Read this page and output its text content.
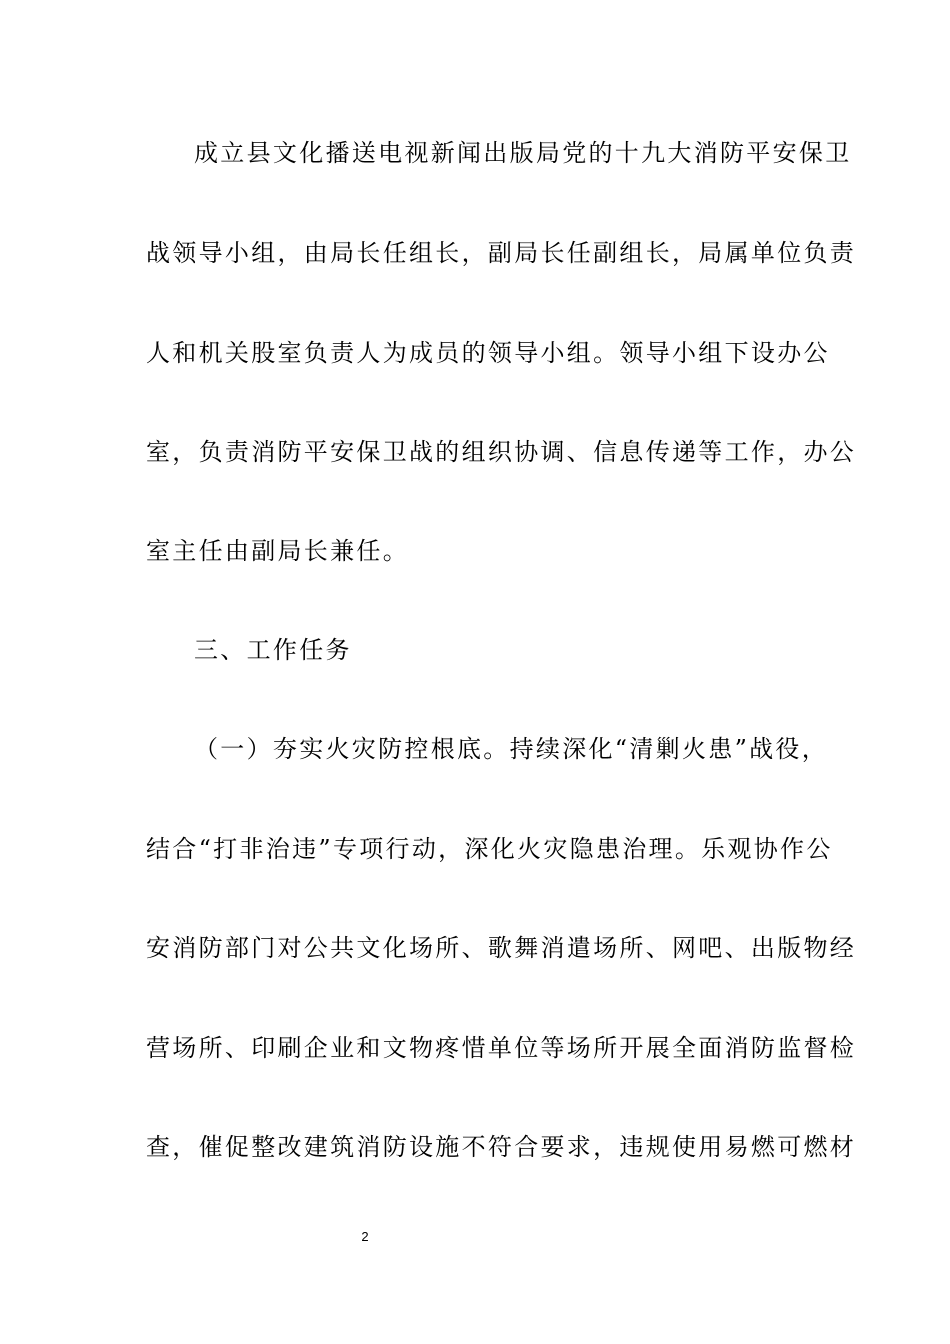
成立县文化播送电视新闻出版局党的十九大消防平安保卫
战领导小组，由局长任组长，副局长任副组长，局属单位负责
人和机关股室负责人为成员的领导小组。领导小组下设办公
室，负责消防平安保卫战的组织协调、信息传递等工作，办公
室主任由副局长兼任。
三、工作任务
（一）夯实火灾防控根底。持续深化“清剿火患”战役，
结合“打非治违”专项行动，深化火灾隐患治理。乐观协作公
安消防部门对公共文化场所、歌舞消遣场所、网吧、出版物经
营场所、印刷企业和文物疼惜单位等场所开展全面消防监督检
查，催促整改建筑消防设施不符合要求，违规使用易燃可燃材
2
